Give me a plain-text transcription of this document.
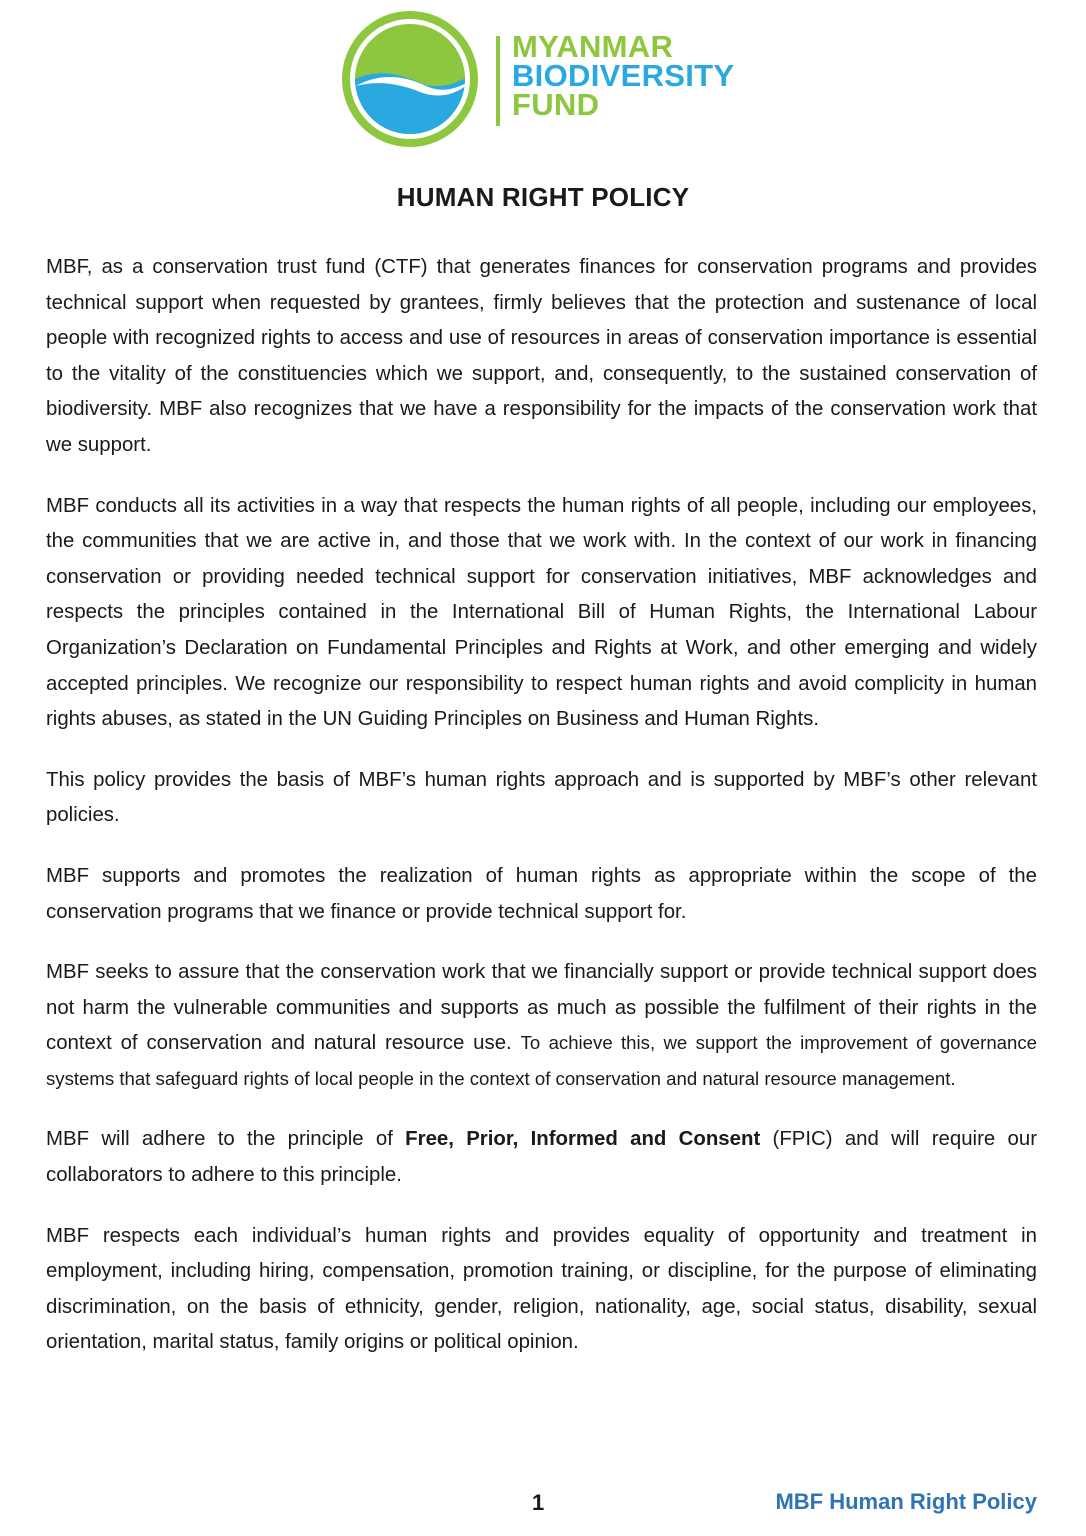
MYANMAR
BIODIVERSITY
FUND
HUMAN RIGHT POLICY

MBF, as a conservation trust fund (CTF) that generates finances for conservation programs and provides technical support when requested by grantees, firmly believes that the protection and sustenance of local people with recognized rights to access and use of resources in areas of conservation importance is essential to the vitality of the constituencies which we support, and, consequently, to the sustained conservation of biodiversity. MBF also recognizes that we have a responsibility for the impacts of the conservation work that we support.

MBF conducts all its activities in a way that respects the human rights of all people, including our employees, the communities that we are active in, and those that we work with. In the context of our work in financing conservation or providing needed technical support for conservation initiatives, MBF acknowledges and respects the principles contained in the International Bill of Human Rights, the International Labour Organization’s Declaration on Fundamental Principles and Rights at Work, and other emerging and widely accepted principles. We recognize our responsibility to respect human rights and avoid complicity in human rights abuses, as stated in the UN Guiding Principles on Business and Human Rights.

This policy provides the basis of MBF’s human rights approach and is supported by MBF’s other relevant policies.

MBF supports and promotes the realization of human rights as appropriate within the scope of the conservation programs that we finance or provide technical support for.

MBF seeks to assure that the conservation work that we financially support or provide technical support does not harm the vulnerable communities and supports as much as possible the fulfilment of their rights in the context of conservation and natural resource use. To achieve this, we support the improvement of governance systems that safeguard rights of local people in the context of conservation and natural resource management.

MBF will adhere to the principle of Free, Prior, Informed and Consent (FPIC) and will require our collaborators to adhere to this principle.

MBF respects each individual’s human rights and provides equality of opportunity and treatment in employment, including hiring, compensation, promotion training, or discipline, for the purpose of eliminating discrimination, on the basis of ethnicity, gender, religion, nationality, age, social status, disability, sexual orientation, marital status, family origins or political opinion.

1	MBF Human Right Policy
